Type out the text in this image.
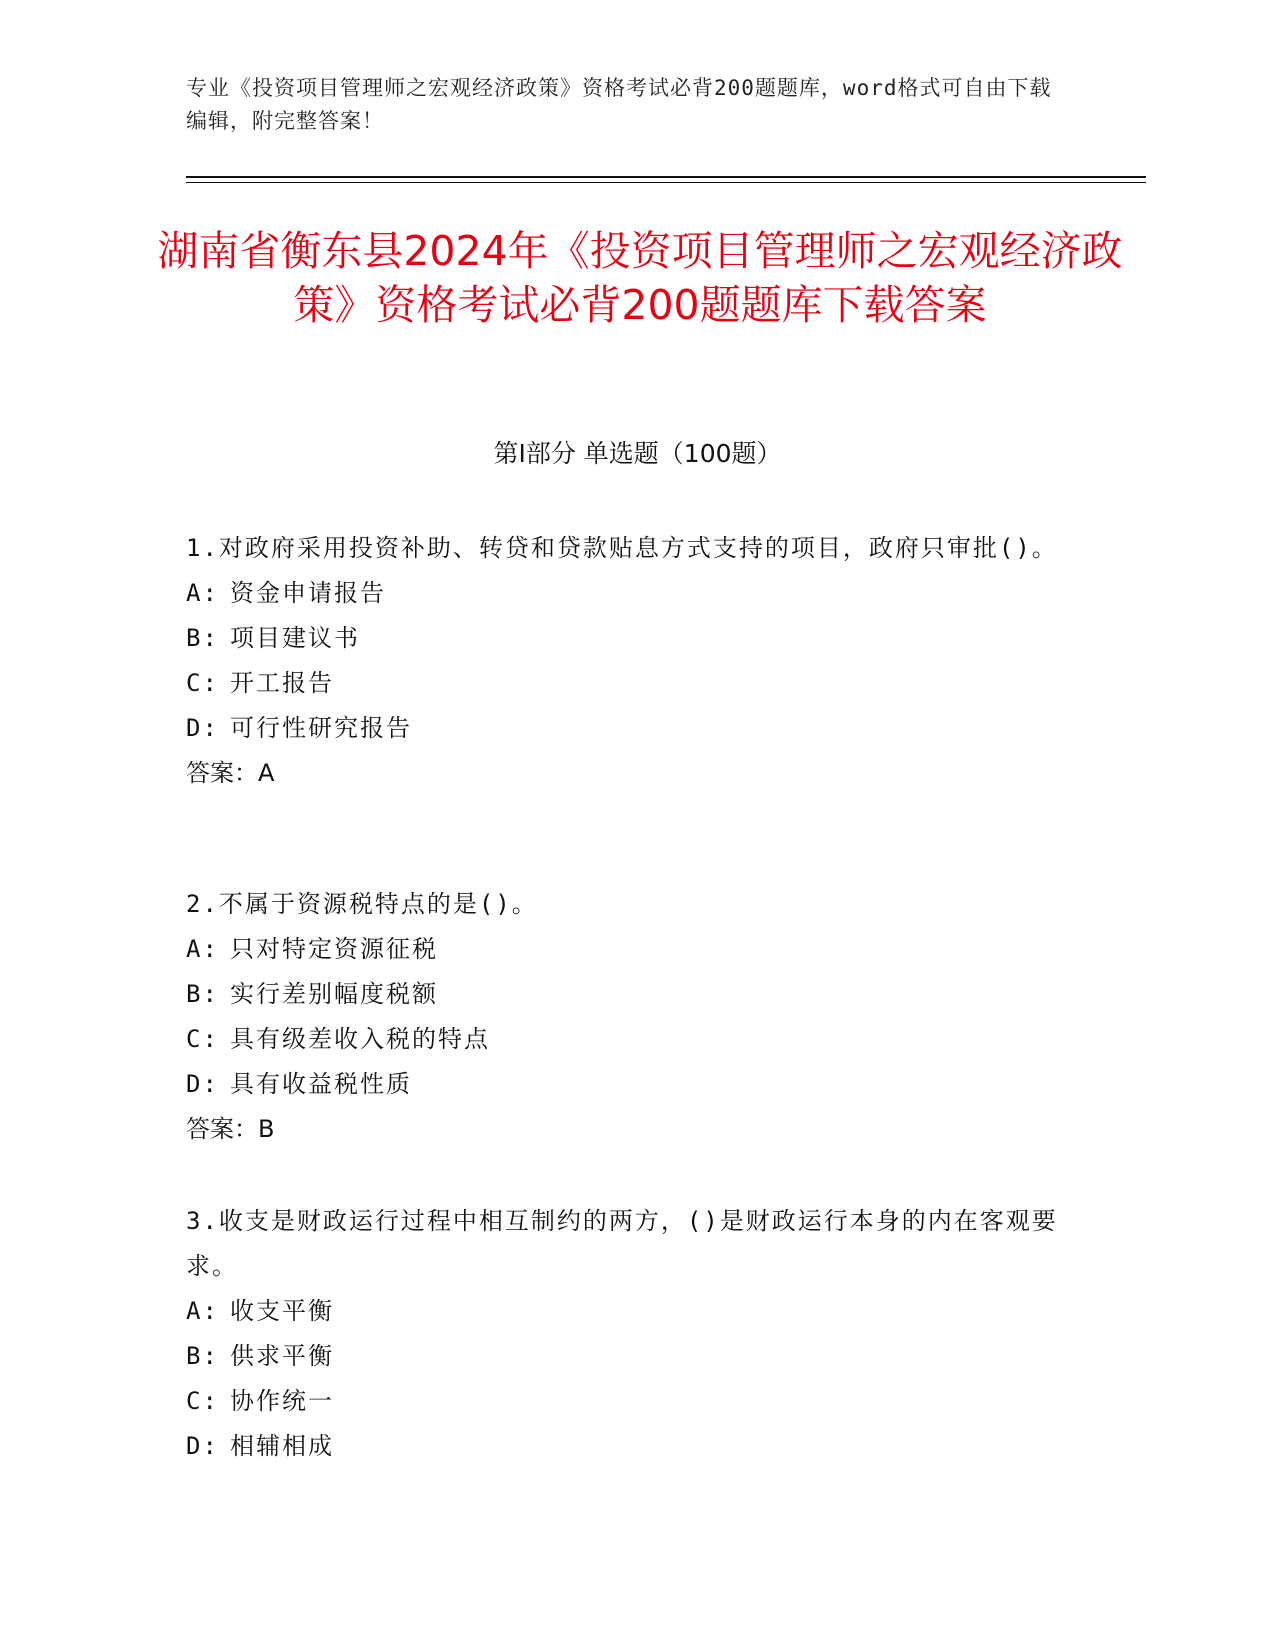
专业《投资项目管理师之宏观经济政策》资格考试必背200题题库，word格式可自由下载编辑，附完整答案！
湖南省衡东县2024年《投资项目管理师之宏观经济政策》资格考试必背200题题库下载答案
第Ⅰ部分 单选题（100题）
1.对政府采用投资补助、转贷和贷款贴息方式支持的项目，政府只审批()。
A: 资金申请报告
B: 项目建议书
C: 开工报告
D: 可行性研究报告
答案：A
2.不属于资源税特点的是()。
A: 只对特定资源征税
B: 实行差别幅度税额
C: 具有级差收入税的特点
D: 具有收益税性质
答案：B
3.收支是财政运行过程中相互制约的两方，()是财政运行本身的内在客观要求。
A: 收支平衡
B: 供求平衡
C: 协作统一
D: 相辅相成
